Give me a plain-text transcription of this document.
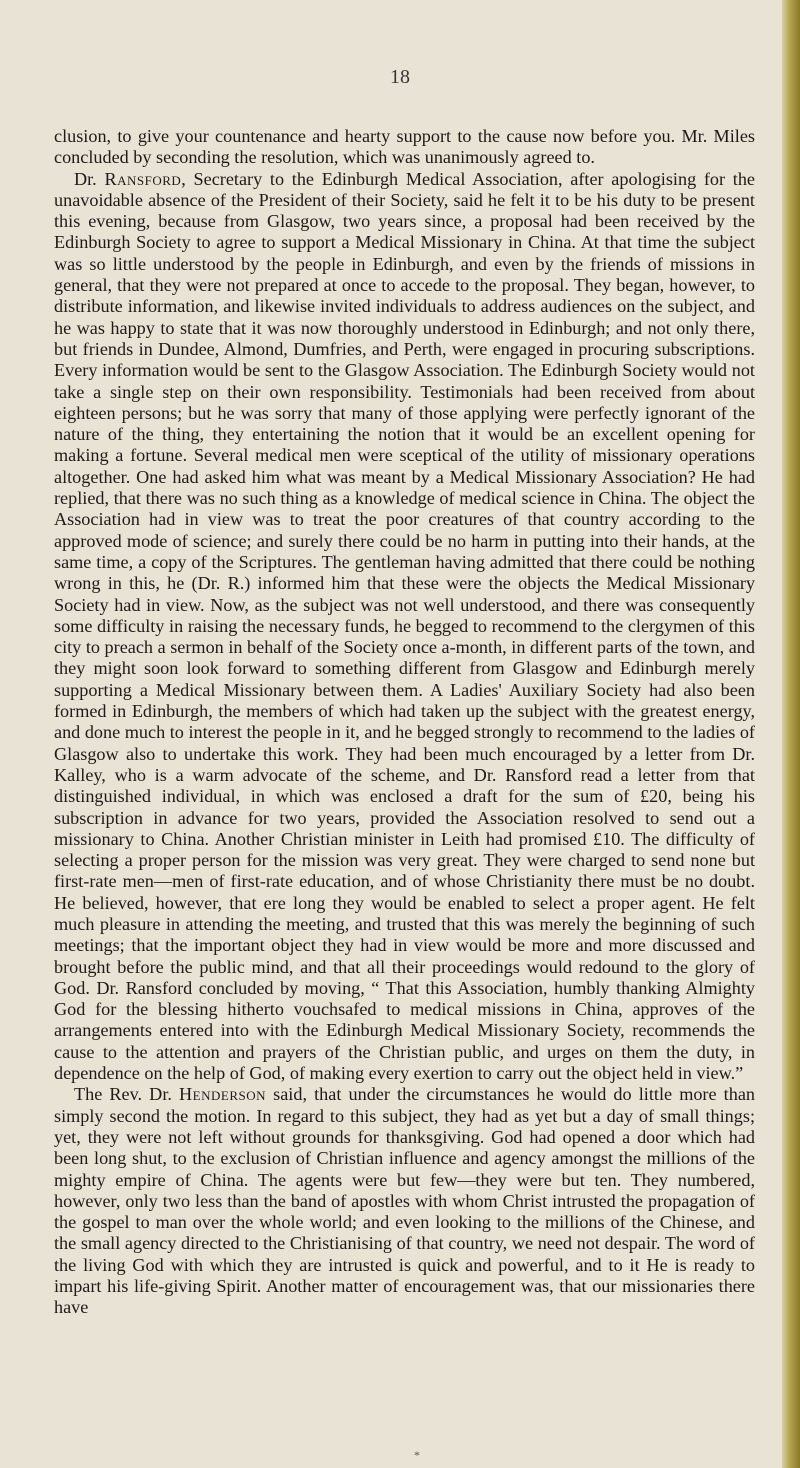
18

clusion, to give your countenance and hearty support to the cause now before you. Mr. Miles concluded by seconding the resolution, which was unanimously agreed to.

Dr. Ransford, Secretary to the Edinburgh Medical Association, after apologising for the unavoidable absence of the President of their Society, said he felt it to be his duty to be present this evening, because from Glasgow, two years since, a proposal had been received by the Edinburgh Society to agree to support a Medical Missionary in China. At that time the subject was so little understood by the people in Edinburgh, and even by the friends of missions in general, that they were not prepared at once to accede to the proposal. They began, however, to distribute information, and likewise invited individuals to address audiences on the subject, and he was happy to state that it was now thoroughly understood in Edinburgh; and not only there, but friends in Dundee, Almond, Dumfries, and Perth, were engaged in procuring subscriptions. Every information would be sent to the Glasgow Association. The Edinburgh Society would not take a single step on their own responsibility. Testimonials had been received from about eighteen persons; but he was sorry that many of those applying were perfectly ignorant of the nature of the thing, they entertaining the notion that it would be an excellent opening for making a fortune. Several medical men were sceptical of the utility of missionary operations altogether. One had asked him what was meant by a Medical Missionary Association? He had replied, that there was no such thing as a knowledge of medical science in China. The object the Association had in view was to treat the poor creatures of that country according to the approved mode of science; and surely there could be no harm in putting into their hands, at the same time, a copy of the Scriptures. The gentleman having admitted that there could be nothing wrong in this, he (Dr. R.) informed him that these were the objects the Medical Missionary Society had in view. Now, as the subject was not well understood, and there was consequently some difficulty in raising the necessary funds, he begged to recommend to the clergymen of this city to preach a sermon in behalf of the Society once a-month, in different parts of the town, and they might soon look forward to something different from Glasgow and Edinburgh merely supporting a Medical Missionary between them. A Ladies' Auxiliary Society had also been formed in Edinburgh, the members of which had taken up the subject with the greatest energy, and done much to interest the people in it, and he begged strongly to recommend to the ladies of Glasgow also to undertake this work. They had been much encouraged by a letter from Dr. Kalley, who is a warm advocate of the scheme, and Dr. Ransford read a letter from that distinguished individual, in which was enclosed a draft for the sum of £20, being his subscription in advance for two years, provided the Association resolved to send out a missionary to China. Another Christian minister in Leith had promised £10. The difficulty of selecting a proper person for the mission was very great. They were charged to send none but first-rate men—men of first-rate education, and of whose Christianity there must be no doubt. He believed, however, that ere long they would be enabled to select a proper agent. He felt much pleasure in attending the meeting, and trusted that this was merely the beginning of such meetings; that the important object they had in view would be more and more discussed and brought before the public mind, and that all their proceedings would redound to the glory of God. Dr. Ransford concluded by moving, “ That this Association, humbly thanking Almighty God for the blessing hitherto vouchsafed to medical missions in China, approves of the arrangements entered into with the Edinburgh Medical Missionary Society, recommends the cause to the attention and prayers of the Christian public, and urges on them the duty, in dependence on the help of God, of making every exertion to carry out the object held in view.”

The Rev. Dr. Henderson said, that under the circumstances he would do little more than simply second the motion. In regard to this subject, they had as yet but a day of small things; yet, they were not left without grounds for thanksgiving. God had opened a door which had been long shut, to the exclusion of Christian influence and agency amongst the millions of the mighty empire of China. The agents were but few—they were but ten. They numbered, however, only two less than the band of apostles with whom Christ intrusted the propagation of the gospel to man over the whole world; and even looking to the millions of the Chinese, and the small agency directed to the Christianising of that country, we need not despair. The word of the living God with which they are intrusted is quick and powerful, and to it He is ready to impart his life-giving Spirit. Another matter of encouragement was, that our missionaries there have

*
